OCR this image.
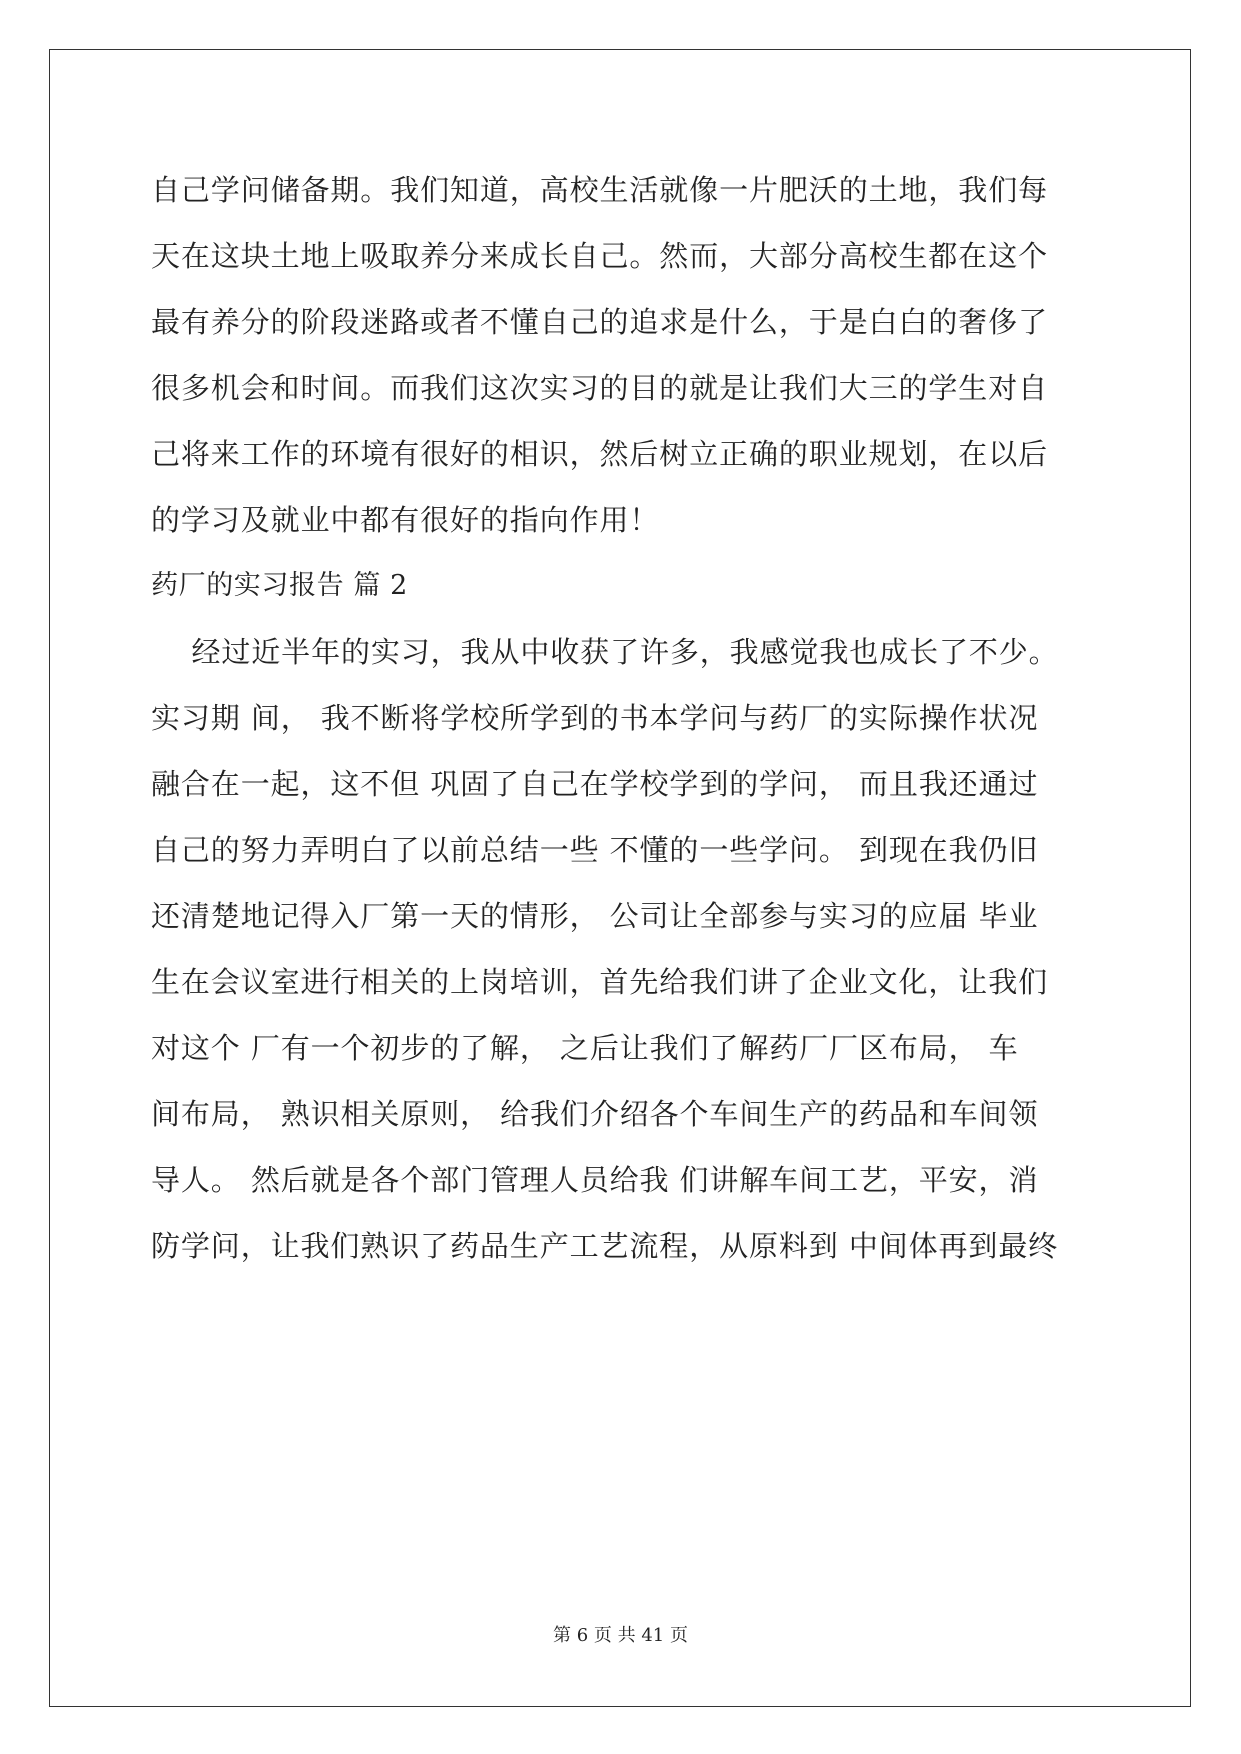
自己学问储备期。我们知道，高校生活就像一片肥沃的土地，我们每
天在这块土地上吸取养分来成长自己。然而，大部分高校生都在这个
最有养分的阶段迷路或者不懂自己的追求是什么，于是白白的奢侈了
很多机会和时间。而我们这次实习的目的就是让我们大三的学生对自
己将来工作的环境有很好的相识，然后树立正确的职业规划，在以后
的学习及就业中都有很好的指向作用！
药厂的实习报告 篇 2
经过近半年的实习，我从中收获了许多，我感觉我也成长了不少。
实习期 间， 我不断将学校所学到的书本学问与药厂的实际操作状况
融合在一起，这不但 巩固了自己在学校学到的学问， 而且我还通过
自己的努力弄明白了以前总结一些 不懂的一些学问。 到现在我仍旧
还清楚地记得入厂第一天的情形， 公司让全部参与实习的应届 毕业
生在会议室进行相关的上岗培训，首先给我们讲了企业文化，让我们
对这个 厂有一个初步的了解， 之后让我们了解药厂厂区布局， 车
间布局， 熟识相关原则， 给我们介绍各个车间生产的药品和车间领
导人。 然后就是各个部门管理人员给我 们讲解车间工艺，平安，消
防学问，让我们熟识了药品生产工艺流程，从原料到 中间体再到最终
第 6 页 共 41 页
